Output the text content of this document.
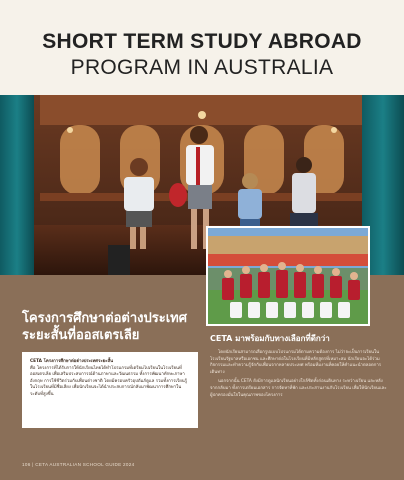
SHORT TERM STUDY ABROAD
PROGRAM IN AUSTRALIA
โครงการศึกษาต่อต่างประเทศ
ระยะสั้นที่ออสเตรเลีย

CETA โครงการศึกษาต่อต่างประเทศระยะสั้น

คือ โครงการที่ได้รับการให้นักเรียนไทยได้ทำโปรแกรมที่เตรียมไปเรียนในโรงเรียนที่ออสเตรเลีย เพื่อเสริมประสบการณ์ด้านภาษาและวัฒนธรรม ทั้งการพัฒนาทักษะภาษาอังกฤษ การใช้ชีวิตร่วมกับเพื่อนต่างชาติ โดยมีครอบครัวอุปถัมภ์ดูแล รวมทั้งการเรียนรู้ในโรงเรียนที่มีชื่อเสียง เพื่อนักเรียนจะได้นำประสบการณ์กลับมาพัฒนาการศึกษาในระดับที่สูงขึ้น

CETA มาพร้อมกับทางเลือกที่ดีกว่า

โดยนักเรียนสามารถเลือกรูปแบบโปรแกรมได้ตามความต้องการ ไม่ว่าจะเป็นการเรียนในโรงเรียนรัฐบาลหรือเอกชน และศึกษาต่อในโรงเรียนที่มีหลักสูตรที่เหมาะสม นักเรียนจะได้ร่วมกิจกรรมและทำความรู้จักกับเพื่อนจากหลายประเทศ พร้อมทีมงานที่คอยให้คำแนะนำตลอดการเดินทาง

นอกจากนั้น CETA ยังมีการดูแลนักเรียนอย่างใกล้ชิดทั้งก่อนเดินทาง ระหว่างเรียน และหลังจากกลับมา ทั้งการเตรียมเอกสาร การจัดหาที่พัก และประสานงานกับโรงเรียน เพื่อให้นักเรียนและผู้ปกครองมั่นใจในคุณภาพของโครงการ

106 | CETA AUSTRALIAN SCHOOL GUIDE 2024
